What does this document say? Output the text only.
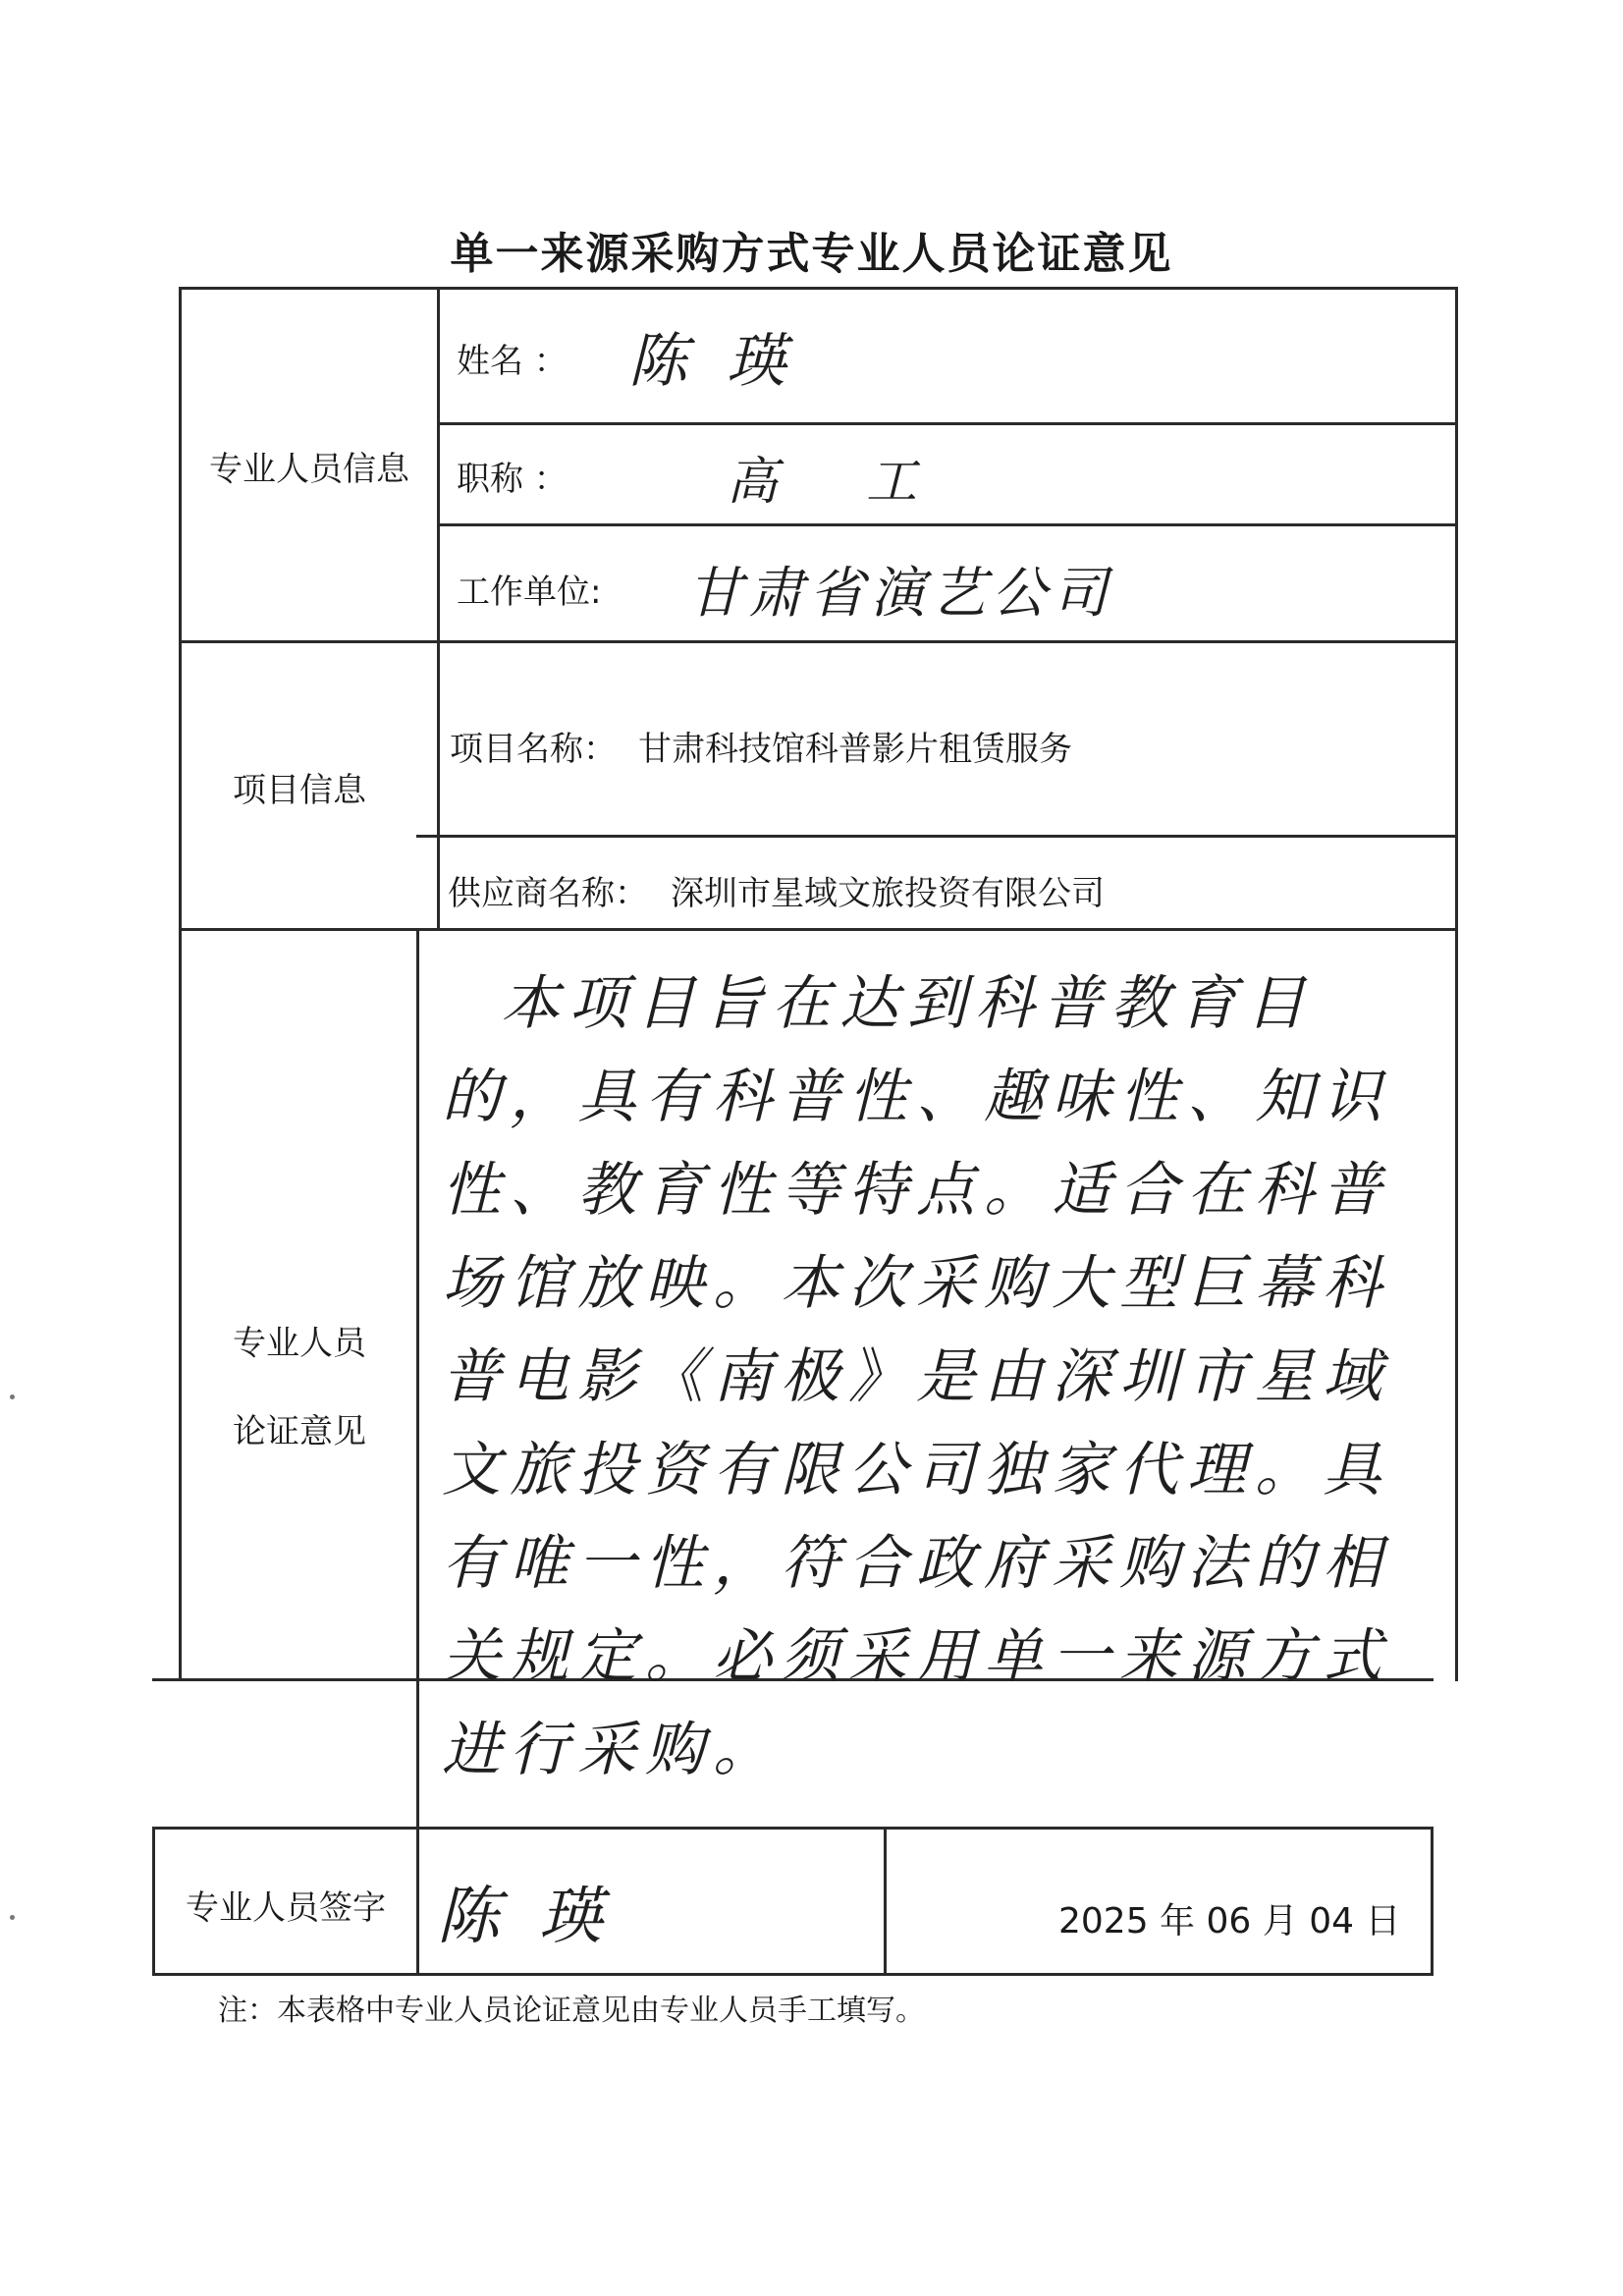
单一来源采购方式专业人员论证意见
专业人员信息
项目信息
专业人员
论证意见
专业人员签字
姓名 ： 陈瑛
职称 ：	高工
工作单位: 甘肃省演艺公司
项目名称： 甘肃科技馆科普影片租赁服务
供应商名称： 深圳市星域文旅投资有限公司
本项目旨在达到科普教育目的，具有科普性、趣味性、知识性、教育性等特点。适合在科普场馆放映。本次采购大型巨幕科普电影《南极》是由深圳市星域文旅投资有限公司独家代理。具有唯一性，符合政府采购法的相关规定。必须采用单一来源方式进行采购。
陈瑛	2025 年 06 月 04 日
注：本表格中专业人员论证意见由专业人员手工填写。
